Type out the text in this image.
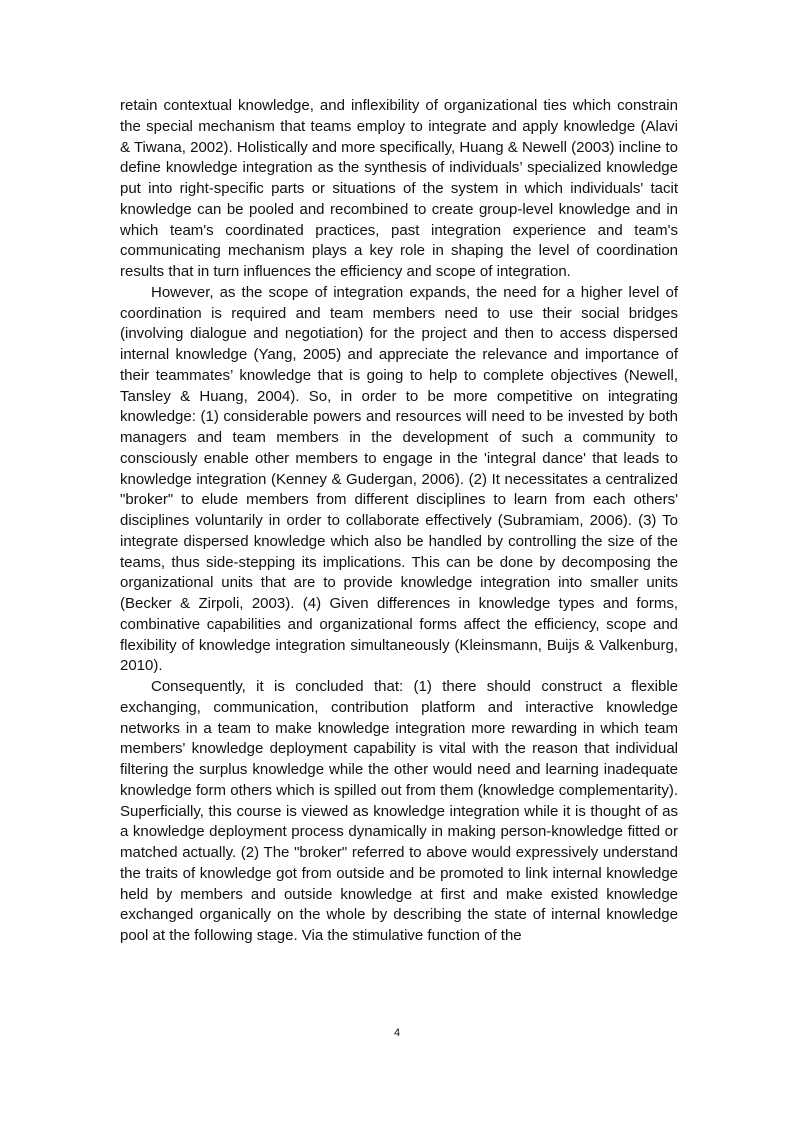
retain contextual knowledge, and inflexibility of organizational ties which constrain the special mechanism that teams employ to integrate and apply knowledge (Alavi & Tiwana, 2002). Holistically and more specifically, Huang & Newell (2003) incline to define knowledge integration as the synthesis of individuals’ specialized knowledge put into right-specific parts or situations of the system in which individuals' tacit knowledge can be pooled and recombined to create group-level knowledge and in which team's coordinated practices, past integration experience and team's communicating mechanism plays a key role in shaping the level of coordination results that in turn influences the efficiency and scope of integration.

However, as the scope of integration expands, the need for a higher level of coordination is required and team members need to use their social bridges (involving dialogue and negotiation) for the project and then to access dispersed internal knowledge (Yang, 2005) and appreciate the relevance and importance of their teammates’ knowledge that is going to help to complete objectives (Newell, Tansley & Huang, 2004). So, in order to be more competitive on integrating knowledge: (1) considerable powers and resources will need to be invested by both managers and team members in the development of such a community to consciously enable other members to engage in the 'integral dance' that leads to knowledge integration (Kenney & Gudergan, 2006). (2) It necessitates a centralized "broker" to elude members from different disciplines to learn from each others' disciplines voluntarily in order to collaborate effectively (Subramiam, 2006). (3) To integrate dispersed knowledge which also be handled by controlling the size of the teams, thus side-stepping its implications. This can be done by decomposing the organizational units that are to provide knowledge integration into smaller units (Becker & Zirpoli, 2003). (4) Given differences in knowledge types and forms, combinative capabilities and organizational forms affect the efficiency, scope and flexibility of knowledge integration simultaneously (Kleinsmann, Buijs & Valkenburg, 2010).

Consequently, it is concluded that: (1) there should construct a flexible exchanging, communication, contribution platform and interactive knowledge networks in a team to make knowledge integration more rewarding in which team members' knowledge deployment capability is vital with the reason that individual filtering the surplus knowledge while the other would need and learning inadequate knowledge form others which is spilled out from them (knowledge complementarity). Superficially, this course is viewed as knowledge integration while it is thought of as a knowledge deployment process dynamically in making person-knowledge fitted or matched actually. (2) The "broker" referred to above would expressively understand the traits of knowledge got from outside and be promoted to link internal knowledge held by members and outside knowledge at first and make existed knowledge exchanged organically on the whole by describing the state of internal knowledge pool at the following stage. Via the stimulative function of the

4
